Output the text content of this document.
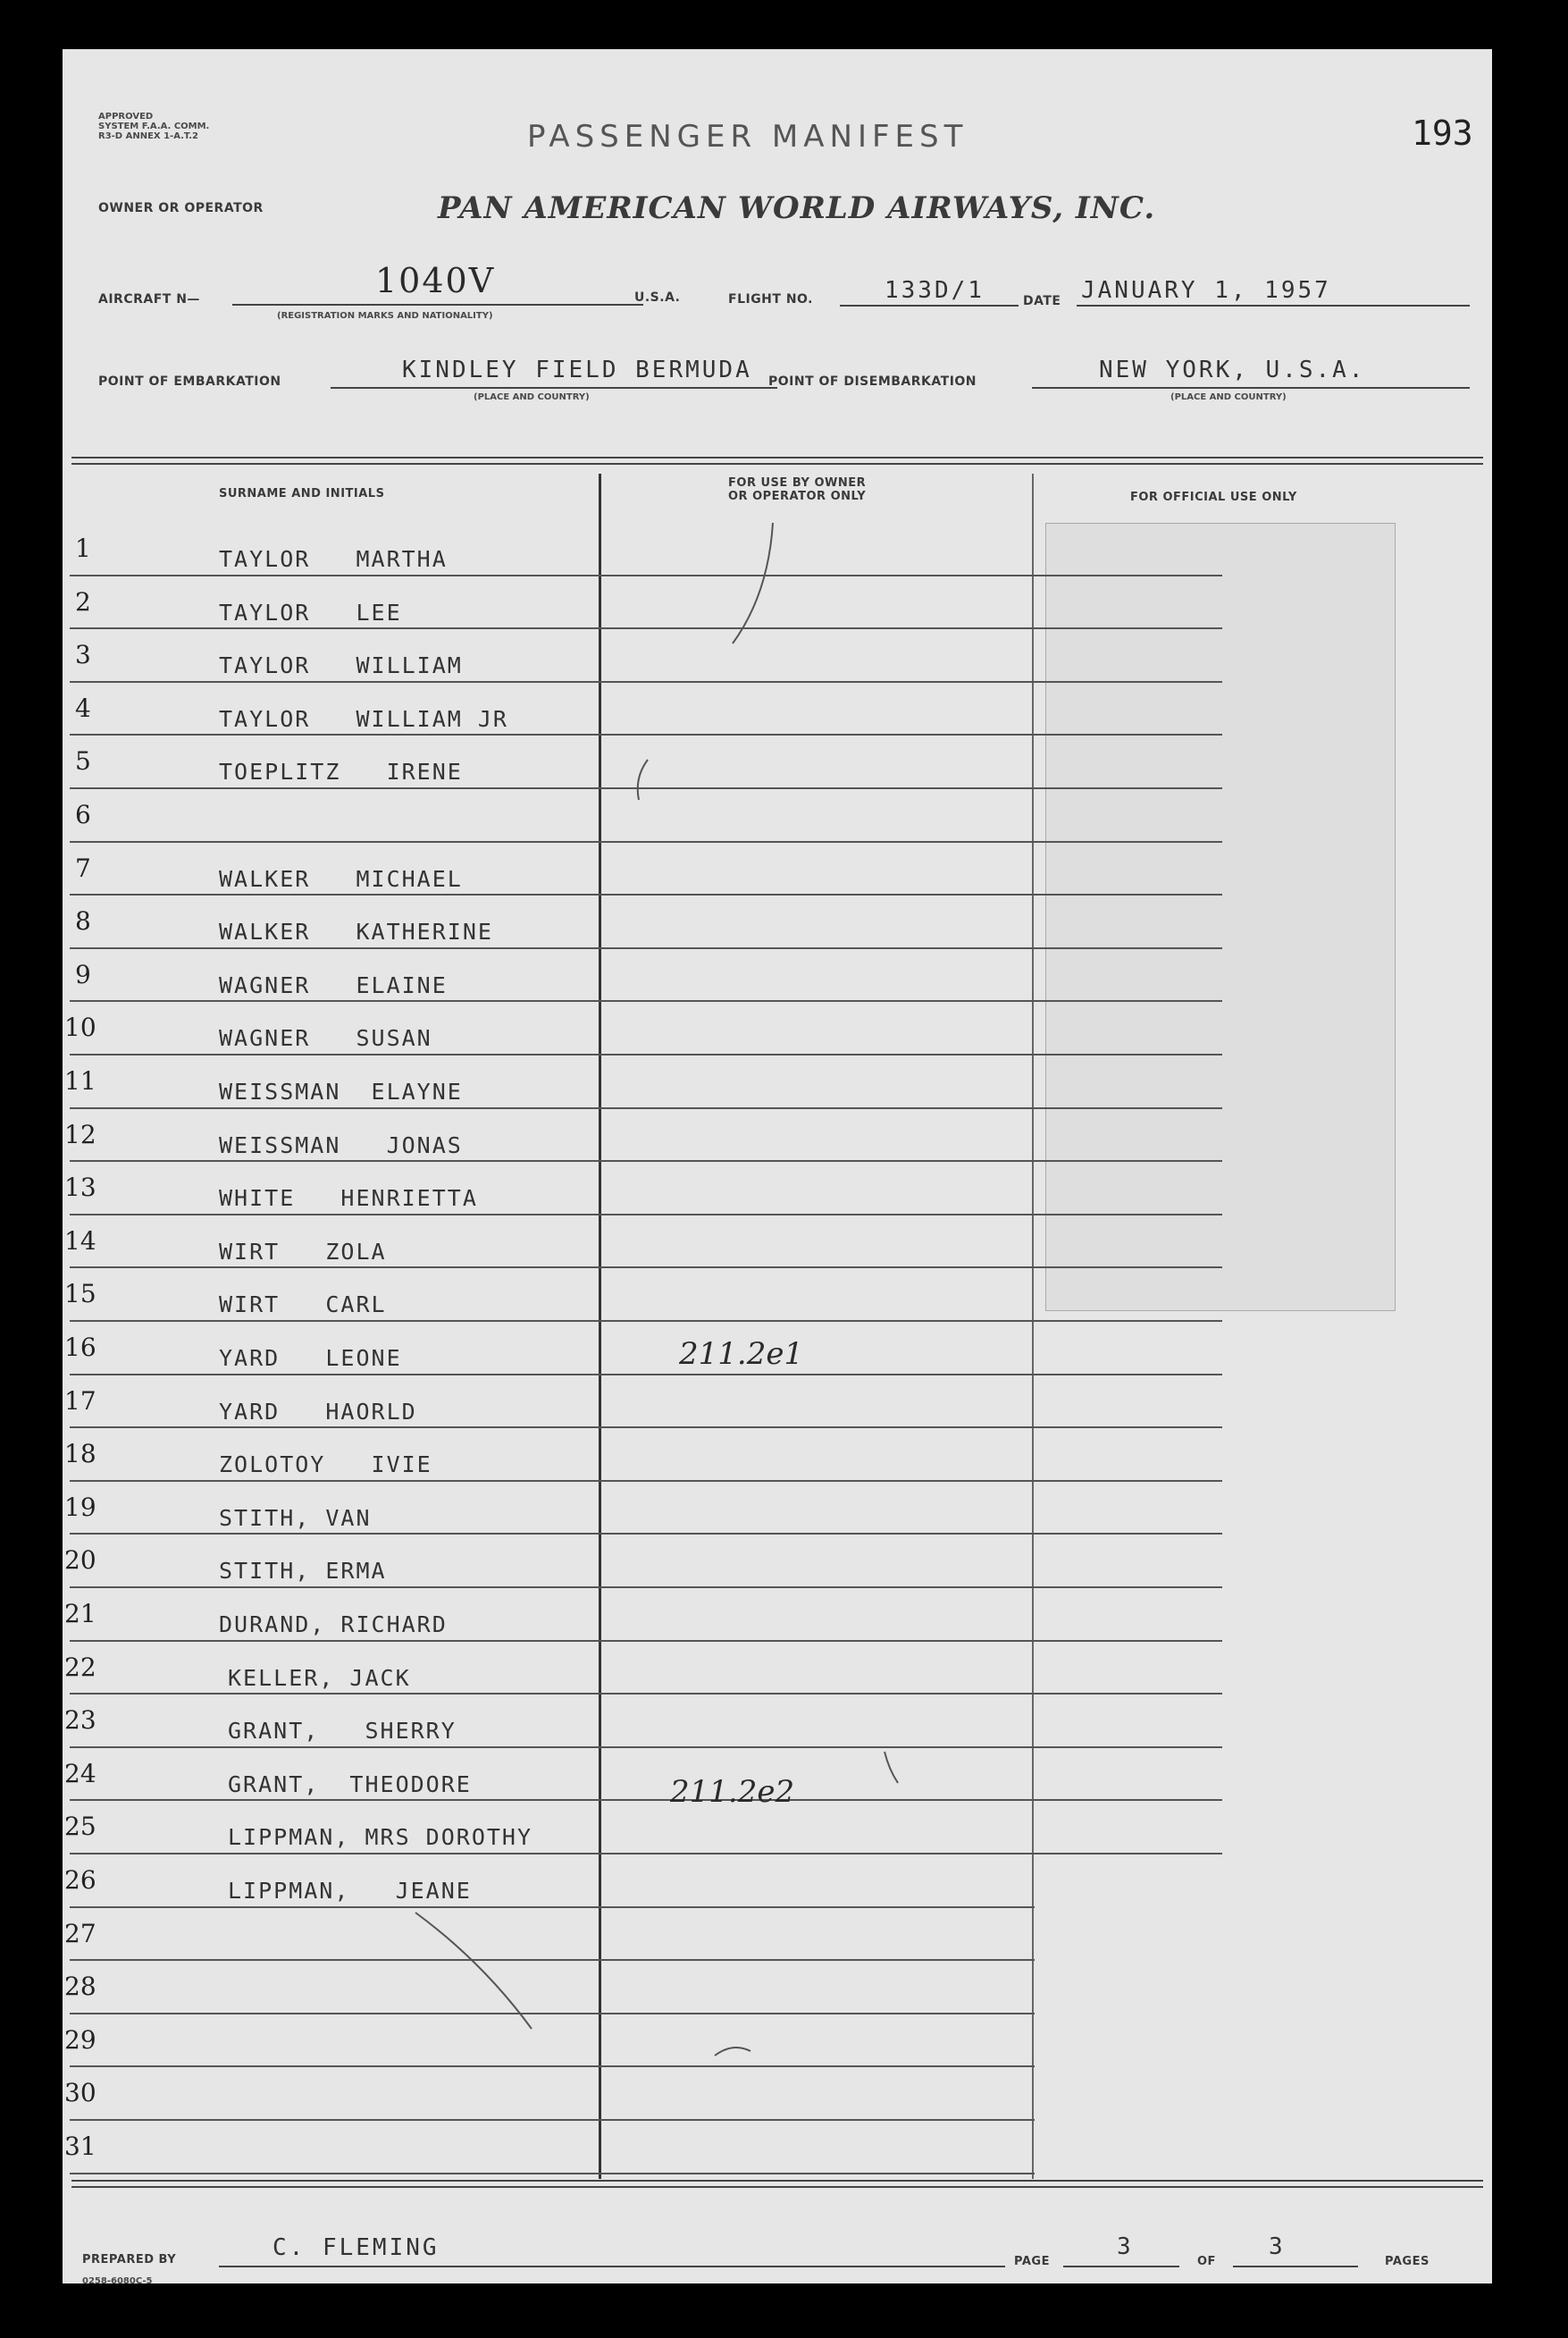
APPROVED
SYSTEM F.A.A. COMM.
R3-D ANNEX 1-A.T.2	PASSENGER MANIFEST	193
OWNER OR OPERATOR	PAN AMERICAN WORLD AIRWAYS, INC.
AIRCRAFT N—	1040V
(REGISTRATION MARKS AND NATIONALITY)
U.S.A.	FLIGHT NO.	133D/1	DATE JANUARY 1, 1957
POINT OF EMBARKATION	KINDLEY FIELD BERMUDA
(PLACE AND COUNTRY)
POINT OF DISEMBARKATION	NEW YORK, U.S.A.
(PLACE AND COUNTRY)
SURNAME AND INITIALS
FOR USE BY OWNER
OR OPERATOR ONLY	FOR OFFICIAL USE ONLY
1	TAYLOR   MARTHA
2	TAYLOR   LEE
3	TAYLOR   WILLIAM
4	TAYLOR   WILLIAM JR
5	TOEPLITZ   IRENE
6
7	WALKER   MICHAEL
8	WALKER   KATHERINE
9	WAGNER   ELAINE
10	WAGNER   SUSAN
11	WEISSMAN  ELAYNE
12	WEISSMAN   JONAS
13	WHITE   HENRIETTA
14	WIRT   ZOLA
15	WIRT   CARL
16	YARD   LEONE
17	YARD   HAORLD
18	ZOLOTOY   IVIE
19	STITH, VAN
20	STITH, ERMA
21	DURAND, RICHARD
22	KELLER, JACK
23	GRANT,   SHERRY
24	GRANT,  THEODORE
25	LIPPMAN, MRS DOROTHY
26	LIPPMAN,   JEANE
27
28
29
30
31
211.2e1
211.2e2
PREPARED BY	C. FLEMING
PAGE
3
OF
3
PAGES
0258-6080C-5
